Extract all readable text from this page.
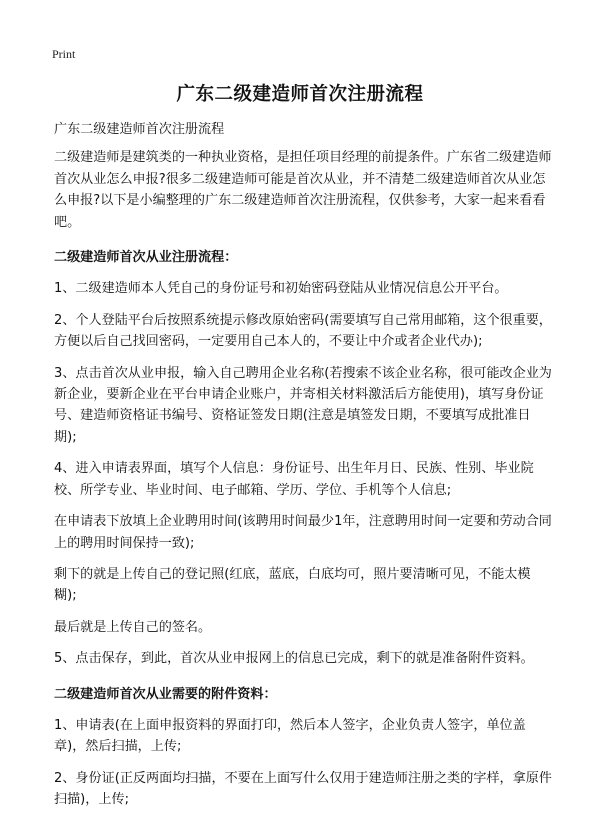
Print
广东二级建造师首次注册流程

广东二级建造师首次注册流程

二级建造师是建筑类的一种执业资格，是担任项目经理的前提条件。广东省二级建造师首次从业怎么申报?很多二级建造师可能是首次从业，并不清楚二级建造师首次从业怎么申报?以下是小编整理的广东二级建造师首次注册流程，仅供参考，大家一起来看看吧。

二级建造师首次从业注册流程：

1、二级建造师本人凭自己的身份证号和初始密码登陆从业情况信息公开平台。

2、个人登陆平台后按照系统提示修改原始密码(需要填写自己常用邮箱，这个很重要，方便以后自己找回密码，一定要用自己本人的，不要让中介或者企业代办);

3、点击首次从业申报，输入自己聘用企业名称(若搜索不该企业名称，很可能改企业为新企业，要新企业在平台申请企业账户，并寄相关材料激活后方能使用)，填写身份证号、建造师资格证书编号、资格证签发日期(注意是填签发日期，不要填写成批准日期);

4、进入申请表界面，填写个人信息：身份证号、出生年月日、民族、性别、毕业院校、所学专业、毕业时间、电子邮箱、学历、学位、手机等个人信息;

在申请表下放填上企业聘用时间(该聘用时间最少1年，注意聘用时间一定要和劳动合同上的聘用时间保持一致);

剩下的就是上传自己的登记照(红底，蓝底，白底均可，照片要清晰可见，不能太模糊);

最后就是上传自己的签名。

5、点击保存，到此，首次从业申报网上的信息已完成，剩下的就是准备附件资料。

二级建造师首次从业需要的附件资料：

1、申请表(在上面申报资料的界面打印，然后本人签字，企业负责人签字，单位盖章)，然后扫描，上传;

2、身份证(正反两面均扫描，不要在上面写什么仅用于建造师注册之类的字样，拿原件扫描)，上传;
